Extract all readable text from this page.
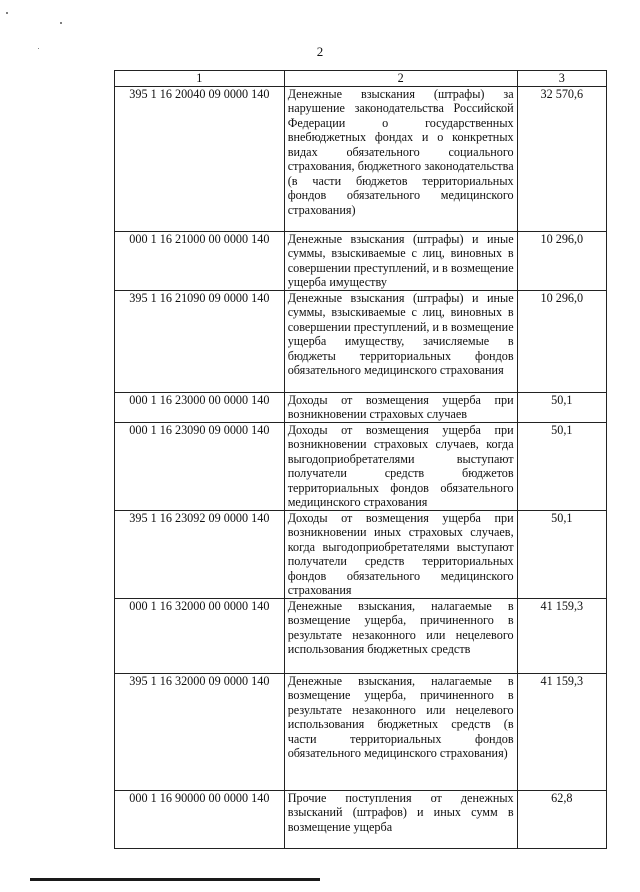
2
1	2	3
395 1 16 20040 09 0000 140	Денежные взыскания (штрафы) за нарушение законодательства Российской Федерации о государственных внебюджетных фондах и о конкретных видах обязательного социального страхования, бюджетного законодательства (в части бюджетов территориальных фондов обязательного медицинского страхования)	32 570,6
000 1 16 21000 00 0000 140	Денежные взыскания (штрафы) и иные суммы, взыскиваемые с лиц, виновных в совершении преступлений, и в возмещение ущерба имуществу	10 296,0
395 1 16 21090 09 0000 140	Денежные взыскания (штрафы) и иные суммы, взыскиваемые с лиц, виновных в совершении преступлений, и в возмещение ущерба имуществу, зачисляемые в бюджеты территориальных фондов обязательного медицинского страхования	10 296,0
000 1 16 23000 00 0000 140	Доходы от возмещения ущерба при возникновении страховых случаев	50,1
000 1 16 23090 09 0000 140	Доходы от возмещения ущерба при возникновении страховых случаев, когда выгодоприобретателями выступают получатели средств бюджетов территориальных фондов обязательного медицинского страхования	50,1
395 1 16 23092 09 0000 140	Доходы от возмещения ущерба при возникновении иных страховых случаев, когда выгодоприобретателями выступают получатели средств территориальных фондов обязательного медицинского страхования	50,1
000 1 16 32000 00 0000 140	Денежные взыскания, налагаемые в возмещение ущерба, причиненного в результате незаконного или нецелевого использования бюджетных средств	41 159,3
395 1 16 32000 09 0000 140	Денежные взыскания, налагаемые в возмещение ущерба, причиненного в результате незаконного или нецелевого использования бюджетных средств (в части территориальных фондов обязательного медицинского страхования)	41 159,3
000 1 16 90000 00 0000 140	Прочие поступления от денежных взысканий (штрафов) и иных сумм в возмещение ущерба	62,8
